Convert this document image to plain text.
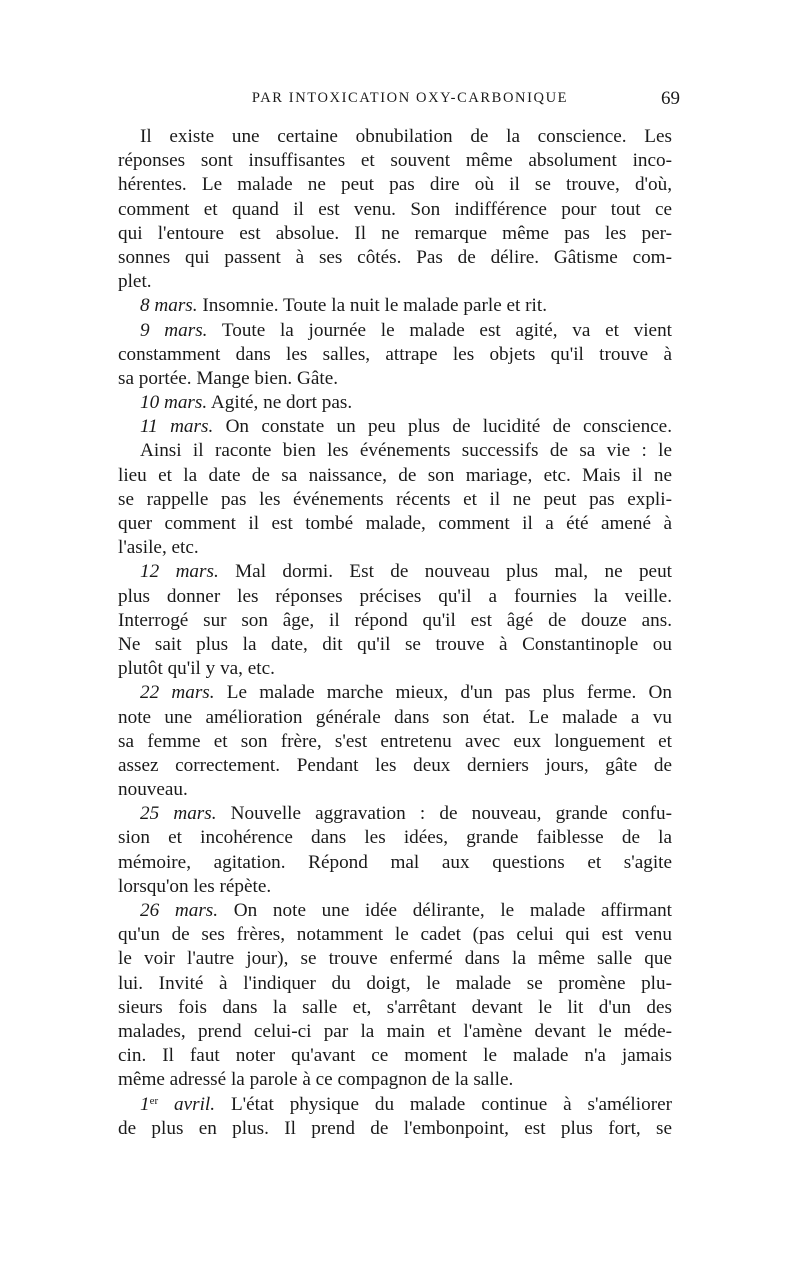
PAR INTOXICATION OXY-CARBONIQUE	69
Il existe une certaine obnubilation de la conscience. Les
réponses sont insuffisantes et souvent même absolument inco-
hérentes. Le malade ne peut pas dire où il se trouve, d'où,
comment et quand il est venu. Son indifférence pour tout ce
qui l'entoure est absolue. Il ne remarque même pas les per-
sonnes qui passent à ses côtés. Pas de délire. Gâtisme com-
plet.
8 mars. Insomnie. Toute la nuit le malade parle et rit.
9 mars. Toute la journée le malade est agité, va et vient
constamment dans les salles, attrape les objets qu'il trouve à
sa portée. Mange bien. Gâte.
10 mars. Agité, ne dort pas.
11 mars. On constate un peu plus de lucidité de conscience.
Ainsi il raconte bien les événements successifs de sa vie : le
lieu et la date de sa naissance, de son mariage, etc. Mais il ne
se rappelle pas les événements récents et il ne peut pas expli-
quer comment il est tombé malade, comment il a été amené à
l'asile, etc.
12 mars. Mal dormi. Est de nouveau plus mal, ne peut
plus donner les réponses précises qu'il a fournies la veille.
Interrogé sur son âge, il répond qu'il est âgé de douze ans.
Ne sait plus la date, dit qu'il se trouve à Constantinople ou
plutôt qu'il y va, etc.
22 mars. Le malade marche mieux, d'un pas plus ferme. On
note une amélioration générale dans son état. Le malade a vu
sa femme et son frère, s'est entretenu avec eux longuement et
assez correctement. Pendant les deux derniers jours, gâte de
nouveau.
25 mars. Nouvelle aggravation : de nouveau, grande confu-
sion et incohérence dans les idées, grande faiblesse de la
mémoire, agitation. Répond mal aux questions et s'agite
lorsqu'on les répète.
26 mars. On note une idée délirante, le malade affirmant
qu'un de ses frères, notamment le cadet (pas celui qui est venu
le voir l'autre jour), se trouve enfermé dans la même salle que
lui. Invité à l'indiquer du doigt, le malade se promène plu-
sieurs fois dans la salle et, s'arrêtant devant le lit d'un des
malades, prend celui-ci par la main et l'amène devant le méde-
cin. Il faut noter qu'avant ce moment le malade n'a jamais
même adressé la parole à ce compagnon de la salle.
1er avril. L'état physique du malade continue à s'améliorer
de plus en plus. Il prend de l'embonpoint, est plus fort, se
